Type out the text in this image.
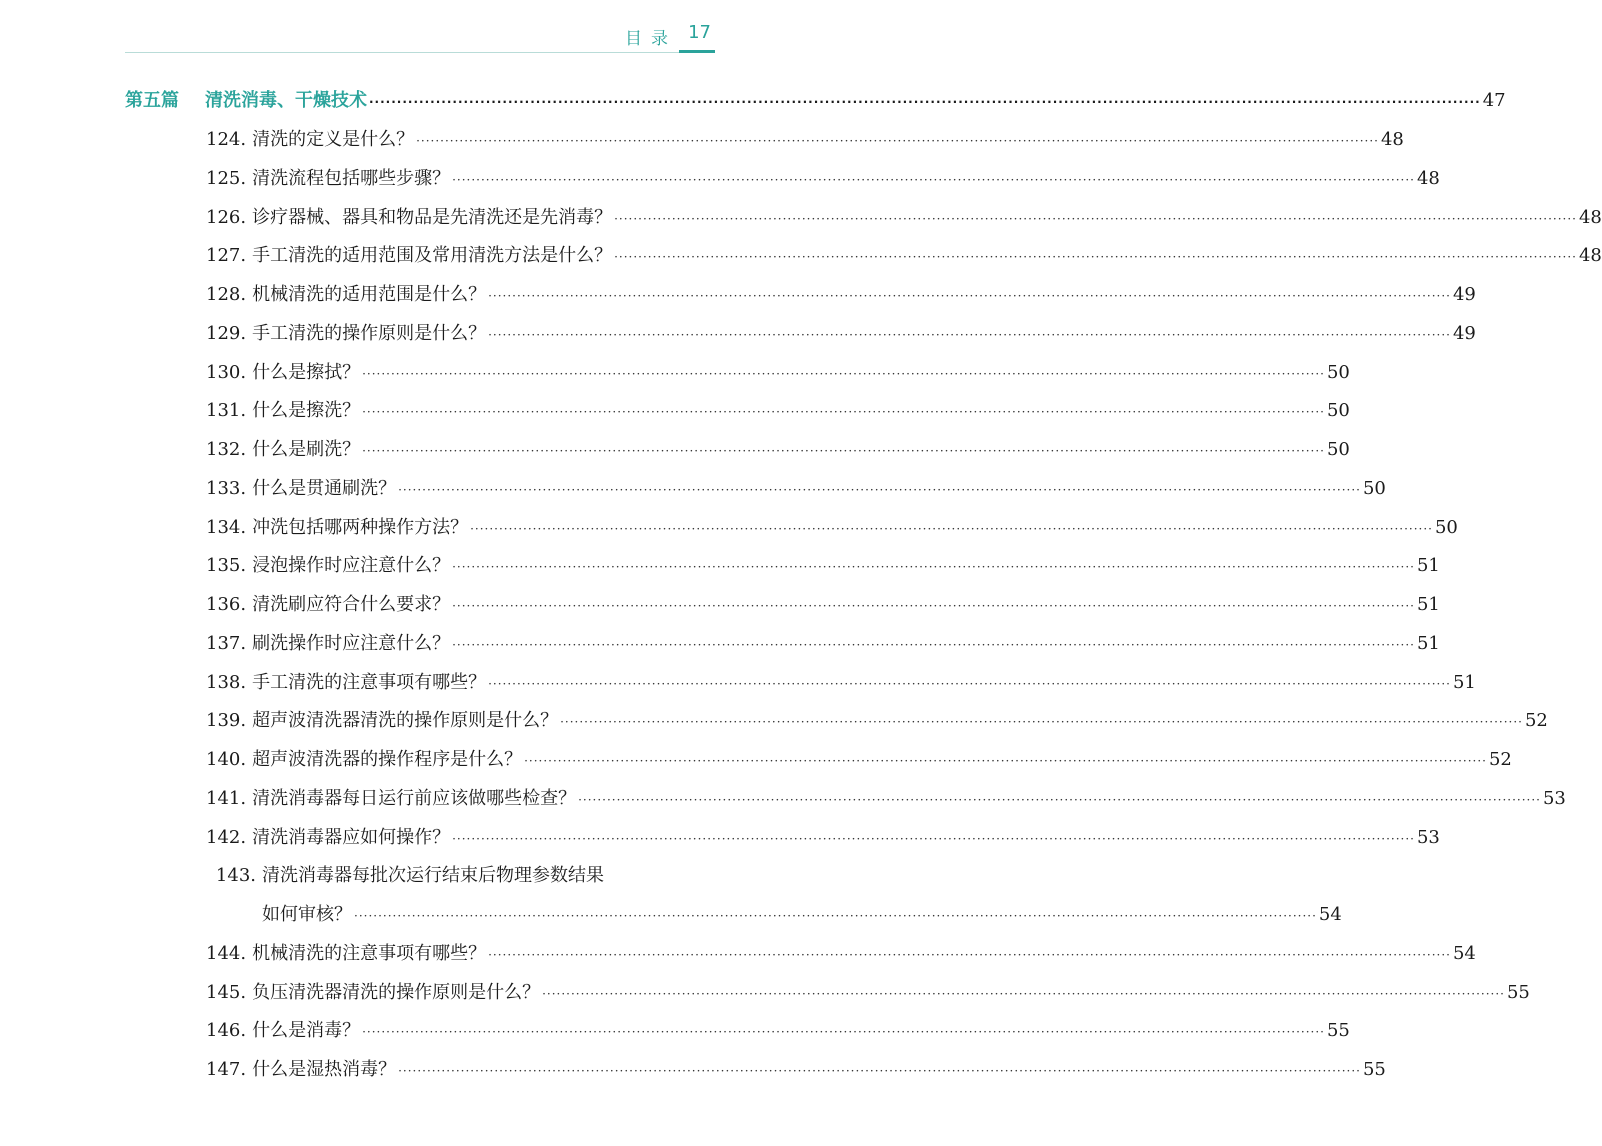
目录 17
第五篇 清洗消毒、干燥技术 ········································································································································································································ 47
124. 清洗的定义是什么？ ········································································································································································································ 48
125. 清洗流程包括哪些步骤？ ········································································································································································································ 48
126. 诊疗器械、器具和物品是先清洗还是先消毒？ ········································································································································································································ 48
127. 手工清洗的适用范围及常用清洗方法是什么？ ········································································································································································································ 48
128. 机械清洗的适用范围是什么？ ········································································································································································································ 49
129. 手工清洗的操作原则是什么？ ········································································································································································································ 49
130. 什么是擦拭？ ········································································································································································································ 50
131. 什么是擦洗？ ········································································································································································································ 50
132. 什么是刷洗？ ········································································································································································································ 50
133. 什么是贯通刷洗？ ········································································································································································································ 50
134. 冲洗包括哪两种操作方法？ ········································································································································································································ 50
135. 浸泡操作时应注意什么？ ········································································································································································································ 51
136. 清洗刷应符合什么要求？ ········································································································································································································ 51
137. 刷洗操作时应注意什么？ ········································································································································································································ 51
138. 手工清洗的注意事项有哪些？ ········································································································································································································ 51
139. 超声波清洗器清洗的操作原则是什么？ ········································································································································································································ 52
140. 超声波清洗器的操作程序是什么？ ········································································································································································································ 52
141. 清洗消毒器每日运行前应该做哪些检查？ ········································································································································································································ 53
142. 清洗消毒器应如何操作？ ········································································································································································································ 53
143. 清洗消毒器每批次运行结束后物理参数结果
如何审核？ ········································································································································································································ 54
144. 机械清洗的注意事项有哪些？ ········································································································································································································ 54
145. 负压清洗器清洗的操作原则是什么？ ········································································································································································································ 55
146. 什么是消毒？ ········································································································································································································ 55
147. 什么是湿热消毒？ ········································································································································································································ 55
